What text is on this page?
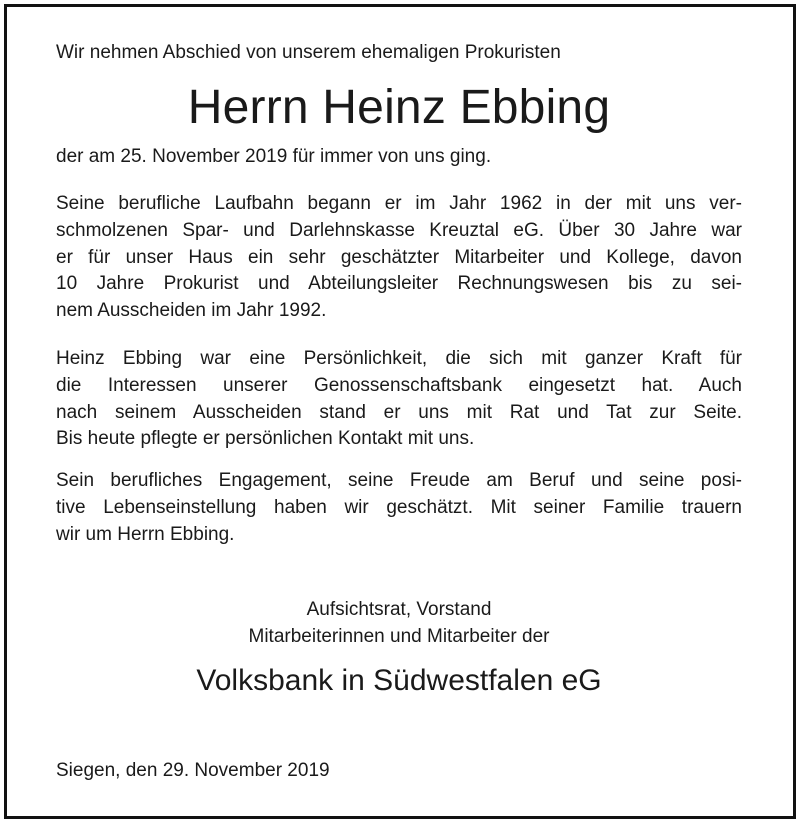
Wir nehmen Abschied von unserem ehemaligen Prokuristen
Herrn Heinz Ebbing
der am 25. November 2019 für immer von uns ging.
Seine berufliche Laufbahn begann er im Jahr 1962 in der mit uns ver-
schmolzenen Spar- und Darlehnskasse Kreuztal eG. Über 30 Jahre war
er für unser Haus ein sehr geschätzter Mitarbeiter und Kollege, davon
10 Jahre Prokurist und Abteilungsleiter Rechnungswesen bis zu sei-
nem Ausscheiden im Jahr 1992.
Heinz Ebbing war eine Persönlichkeit, die sich mit ganzer Kraft für
die Interessen unserer Genossenschaftsbank eingesetzt hat. Auch
nach seinem Ausscheiden stand er uns mit Rat und Tat zur Seite.
Bis heute pflegte er persönlichen Kontakt mit uns.
Sein berufliches Engagement, seine Freude am Beruf und seine posi-
tive Lebenseinstellung haben wir geschätzt. Mit seiner Familie trauern
wir um Herrn Ebbing.
Aufsichtsrat, Vorstand
Mitarbeiterinnen und Mitarbeiter der
Volksbank in Südwestfalen eG
Siegen, den 29. November 2019
